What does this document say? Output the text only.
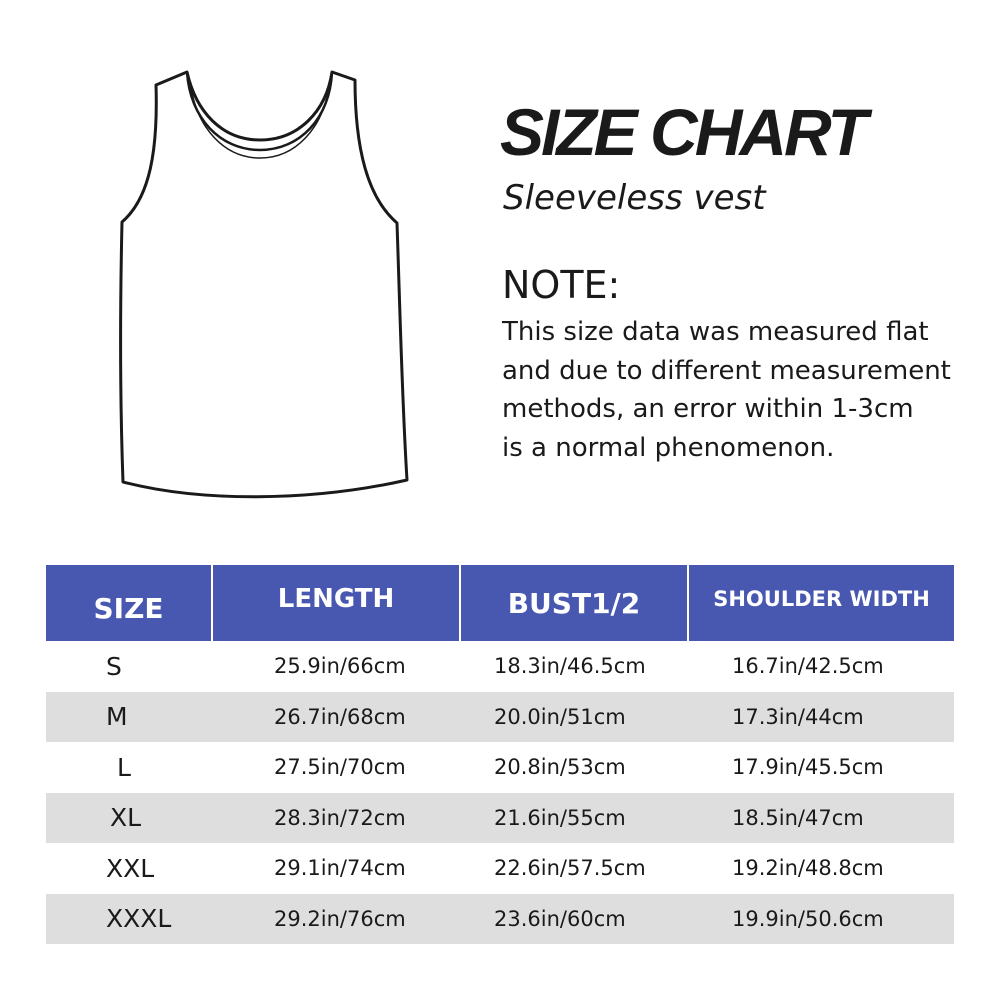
SIZE CHART
Sleeveless vest
NOTE:
This size data was measured flat
and due to different measurement
methods, an error within 1-3cm
is a normal phenomenon.
SIZE	LENGTH	BUST1/2	SHOULDER WIDTH
S	25.9in/66cm	18.3in/46.5cm	16.7in/42.5cm
M	26.7in/68cm	20.0in/51cm	17.3in/44cm
L	27.5in/70cm	20.8in/53cm	17.9in/45.5cm
XL	28.3in/72cm	21.6in/55cm	18.5in/47cm
XXL	29.1in/74cm	22.6in/57.5cm	19.2in/48.8cm
XXXL	29.2in/76cm	23.6in/60cm	19.9in/50.6cm
